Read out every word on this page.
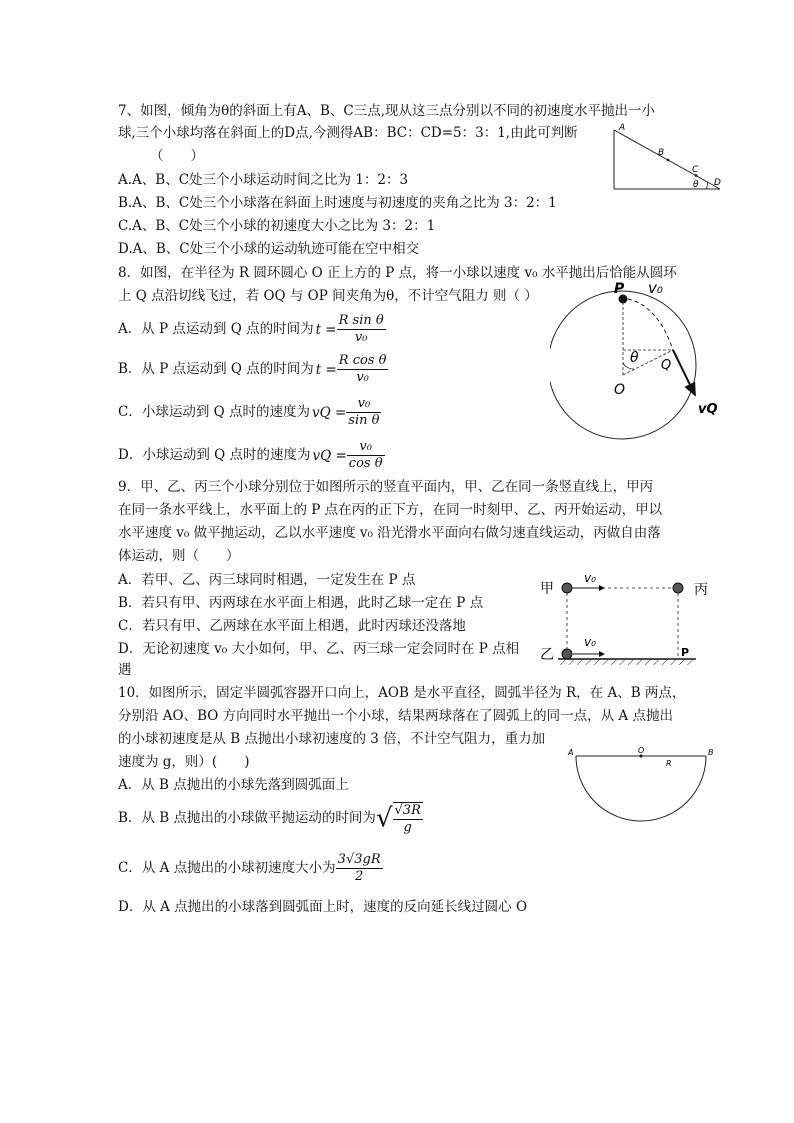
7、如图，倾角为θ的斜面上有A、B、C三点,现从这三点分别以不同的初速度水平抛出一小
球,三个小球均落在斜面上的D点,今测得AB：BC：CD=5：3：1,由此可判断
（　　）
A.A、B、C处三个小球运动时间之比为 1：2：3
B.A、B、C处三个小球落在斜面上时速度与初速度的夹角之比为 3：2：1
C.A、B、C处三个小球的初速度大小之比为 3：2：1
D.A、B、C处三个小球的运动轨迹可能在空中相交
A
B
C
D
θ
8．如图，在半径为 R 圆环圆心 O 正上方的 P 点，将一小球以速度 v₀ 水平抛出后恰能从圆环
上 Q 点沿切线飞过，若 OQ 与 OP 间夹角为θ，不计空气阻力 则（ ）
A．从 P 点运动到 Q 点的时间为 $t = \frac{\text{R sin θ}}{\text{v₀}}$
B．从 P 点运动到 Q 点的时间为 $t = \frac{\text{R cos θ}}{\text{v₀}}$
C．小球运动到 Q 点时的速度为 vQ = $\frac{\text{v₀}}{\text{sin θ}}$
D．小球运动到 Q 点时的速度为 vQ = $\frac{\text{v₀}}{\text{cos θ}}$
P v₀
θ Q
O
vQ
9．甲、乙、丙三个小球分别位于如图所示的竖直平面内，甲、乙在同一条竖直线上，甲丙
在同一条水平线上，水平面上的 P 点在丙的正下方，在同一时刻甲、乙、丙开始运动，甲以
水平速度 v₀ 做平抛运动，乙以水平速度 v₀ 沿光滑水平面向右做匀速直线运动，丙做自由落
体运动，则（　　）
A．若甲、乙、丙三球同时相遇，一定发生在 P 点
B．若只有甲、丙两球在水平面上相遇，此时乙球一定在 P 点
C．若只有甲、乙两球在水平面上相遇，此时丙球还没落地
D．无论初速度 v₀ 大小如何，甲、乙、丙三球一定会同时在 P 点相
遇
甲	丙
乙
v₀
v₀
P
10．如图所示，固定半圆弧容器开口向上，AOB 是水平直径，圆弧半径为 R，在 A、B 两点，
分别沿 AO、BO 方向同时水平抛出一个小球，结果两球落在了圆弧上的同一点，从 A 点抛出
的小球初速度是从 B 点抛出小球初速度的 3 倍，不计空气阻力，重力加
速度为 g，则）(　　)
A．从 B 点抛出的小球先落到圆弧面上
B．从 B 点抛出的小球做平抛运动的时间为√ $\frac{√3R}{g}$
C．从 A 点抛出的小球初速度大小为 $\frac{3√3gR}{2}$
D．从 A 点抛出的小球落到圆弧面上时，速度的反向延长线过圆心 O
A	O
R
B
